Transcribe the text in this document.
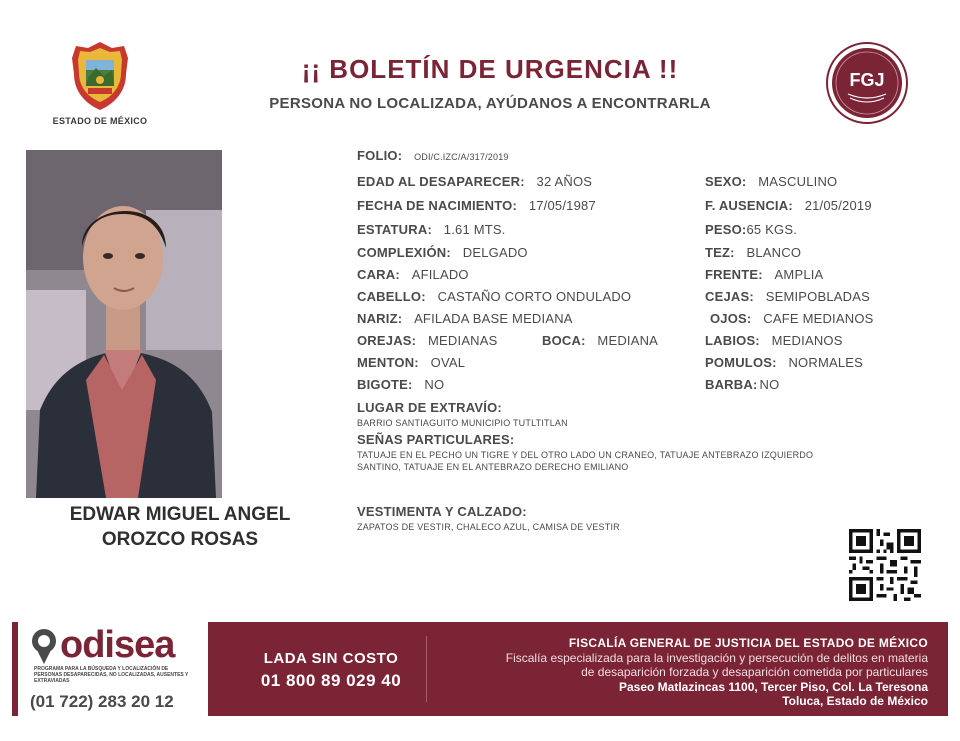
ESTADO DE MÉXICO
¡¡ BOLETÍN DE URGENCIA !!
PERSONA NO LOCALIZADA, AYÚDANOS A ENCONTRARLA
FGJ
EDWAR MIGUEL ANGEL
OROZCO ROSAS
FOLIO: ODI/C.IZC/A/317/2019
EDAD AL DESAPARECER: 32 AÑOS	SEXO: MASCULINO
FECHA DE NACIMIENTO: 17/05/1987	F. AUSENCIA: 21/05/2019
ESTATURA: 1.61 MTS.	PESO:65 KGS.
COMPLEXIÓN: DELGADO	TEZ: BLANCO
CARA: AFILADO	FRENTE: AMPLIA
CABELLO: CASTAÑO CORTO ONDULADO	CEJAS: SEMIPOBLADAS
NARIZ: AFILADA BASE MEDIANA	OJOS: CAFE MEDIANOS
OREJAS: MEDIANAS	BOCA: MEDIANA	LABIOS: MEDIANOS
MENTON: OVAL	POMULOS: NORMALES
BIGOTE: NO	BARBA: NO
LUGAR DE EXTRAVÍO:
BARRIO SANTIAGUITO MUNICIPIO TUTLTITLAN
SEÑAS PARTICULARES:
TATUAJE EN EL PECHO UN TIGRE Y DEL OTRO LADO UN CRANEO, TATUAJE ANTEBRAZO IZQUIERDO
SANTINO, TATUAJE EN EL ANTEBRAZO DERECHO EMILIANO
VESTIMENTA Y CALZADO:
ZAPATOS DE VESTIR, CHALECO AZUL, CAMISA DE VESTIR
odisea
PROGRAMA PARA LA BÚSQUEDA Y LOCALIZACIÓN DE PERSONAS DESAPARECIDAS, NO LOCALIZADAS, AUSENTES Y EXTRAVIADAS
(01 722) 283 20 12
LADA SIN COSTO
01 800 89 029 40
FISCALÍA GENERAL DE JUSTICIA DEL ESTADO DE MÉXICO
Fiscalía especializada para la investigación y persecución de delitos en materia
de desaparición forzada y desaparición cometida por particulares
Paseo Matlazincas 1100, Tercer Piso, Col. La Teresona
Toluca, Estado de México
